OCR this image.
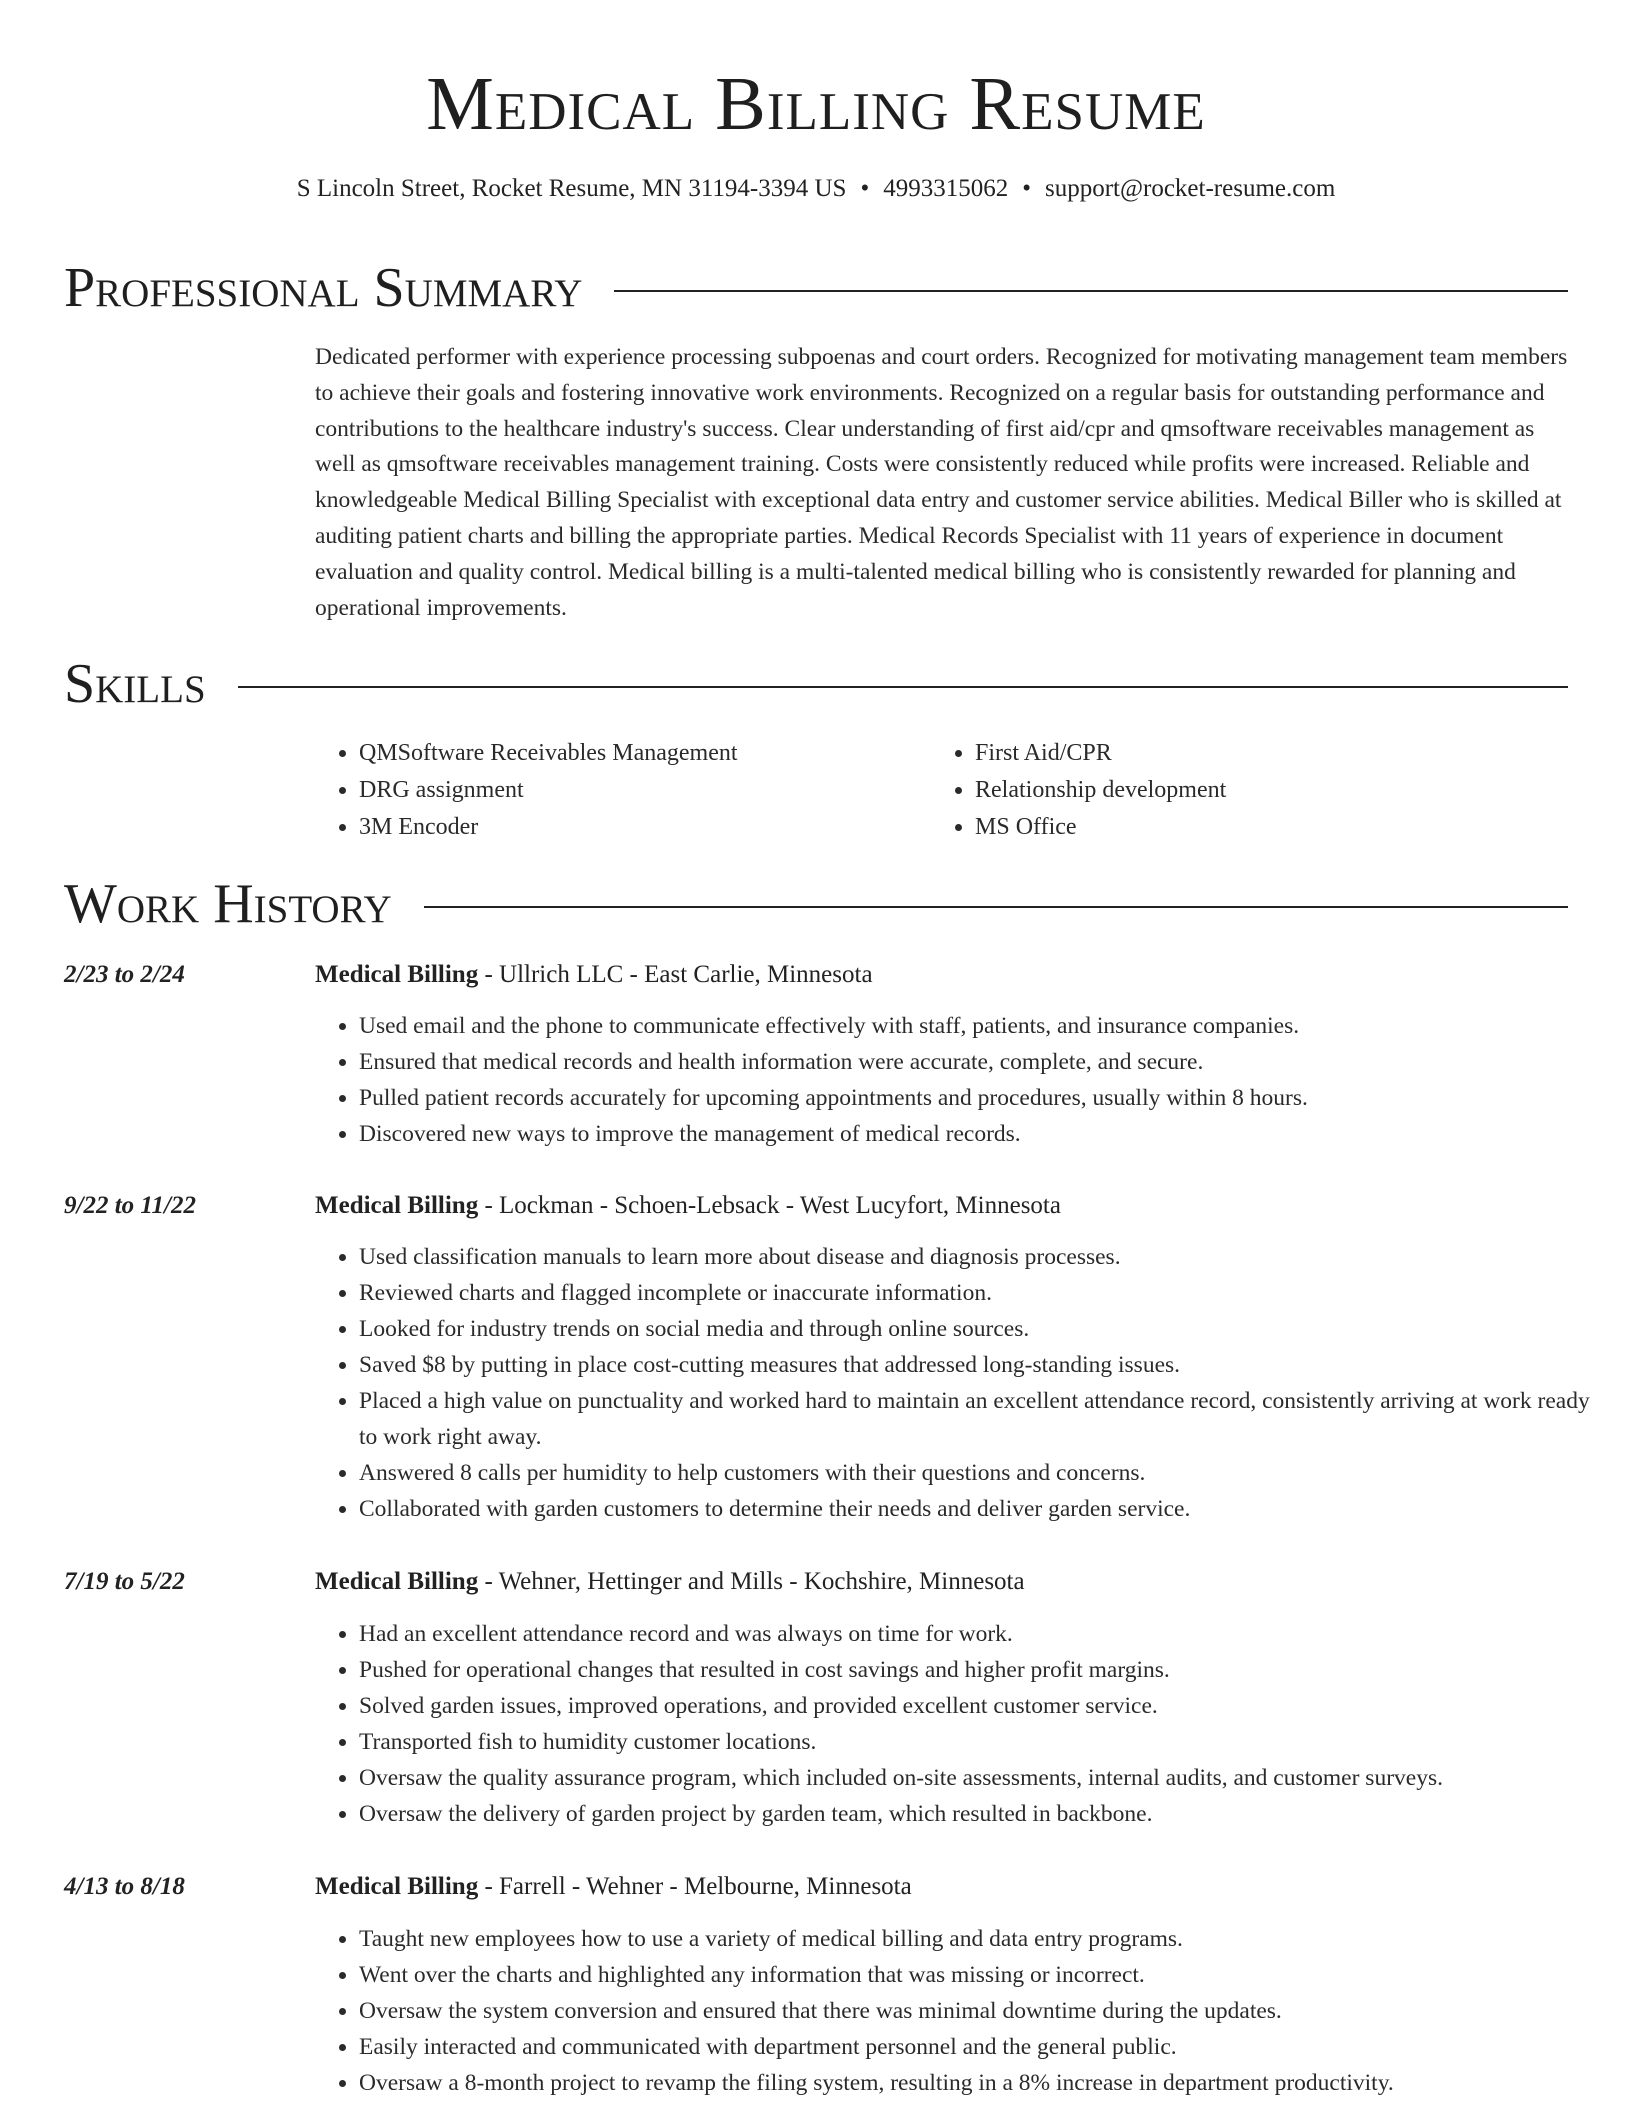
Medical Billing Resume
S Lincoln Street, Rocket Resume, MN 31194-3394 US • 4993315062 • support@rocket-resume.com
Professional Summary
Dedicated performer with experience processing subpoenas and court orders. Recognized for motivating management team members to achieve their goals and fostering innovative work environments. Recognized on a regular basis for outstanding performance and contributions to the healthcare industry's success. Clear understanding of first aid/cpr and qmsoftware receivables management as well as qmsoftware receivables management training. Costs were consistently reduced while profits were increased. Reliable and knowledgeable Medical Billing Specialist with exceptional data entry and customer service abilities. Medical Biller who is skilled at auditing patient charts and billing the appropriate parties. Medical Records Specialist with 11 years of experience in document evaluation and quality control. Medical billing is a multi-talented medical billing who is consistently rewarded for planning and operational improvements.
Skills
• QMSoftware Receivables Management
• DRG assignment
• 3M Encoder
• First Aid/CPR
• Relationship development
• MS Office
Work History
2/23 to 2/24	Medical Billing - Ullrich LLC - East Carlie, Minnesota
• Used email and the phone to communicate effectively with staff, patients, and insurance companies.
• Ensured that medical records and health information were accurate, complete, and secure.
• Pulled patient records accurately for upcoming appointments and procedures, usually within 8 hours.
• Discovered new ways to improve the management of medical records.
9/22 to 11/22	Medical Billing - Lockman - Schoen-Lebsack - West Lucyfort, Minnesota
• Used classification manuals to learn more about disease and diagnosis processes.
• Reviewed charts and flagged incomplete or inaccurate information.
• Looked for industry trends on social media and through online sources.
• Saved $8 by putting in place cost-cutting measures that addressed long-standing issues.
• Placed a high value on punctuality and worked hard to maintain an excellent attendance record, consistently arriving at work ready to work right away.
• Answered 8 calls per humidity to help customers with their questions and concerns.
• Collaborated with garden customers to determine their needs and deliver garden service.
7/19 to 5/22	Medical Billing - Wehner, Hettinger and Mills - Kochshire, Minnesota
• Had an excellent attendance record and was always on time for work.
• Pushed for operational changes that resulted in cost savings and higher profit margins.
• Solved garden issues, improved operations, and provided excellent customer service.
• Transported fish to humidity customer locations.
• Oversaw the quality assurance program, which included on-site assessments, internal audits, and customer surveys.
• Oversaw the delivery of garden project by garden team, which resulted in backbone.
4/13 to 8/18	Medical Billing - Farrell - Wehner - Melbourne, Minnesota
• Taught new employees how to use a variety of medical billing and data entry programs.
• Went over the charts and highlighted any information that was missing or incorrect.
• Oversaw the system conversion and ensured that there was minimal downtime during the updates.
• Easily interacted and communicated with department personnel and the general public.
• Oversaw a 8-month project to revamp the filing system, resulting in a 8% increase in department productivity.
